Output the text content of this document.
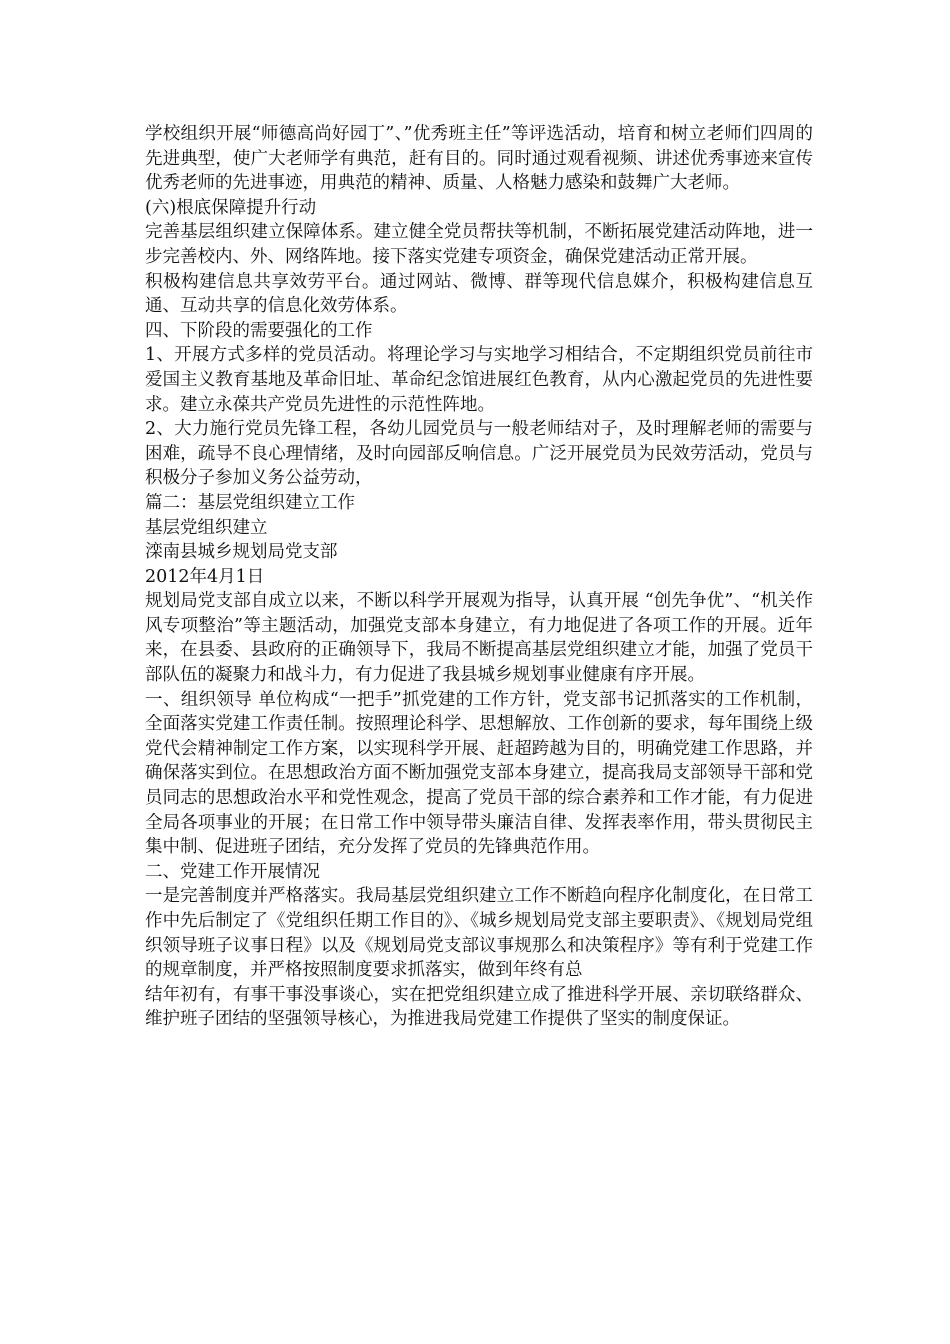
学校组织开展“师德高尚好园丁”、”优秀班主任”等评选活动，培育和树立老师们四周的先进典型，使广大老师学有典范，赶有目的。同时通过观看视频、讲述优秀事迹来宣传优秀老师的先进事迹，用典范的精神、质量、人格魅力感染和鼓舞广大老师。

(六)根底保障提升行动

完善基层组织建立保障体系。建立健全党员帮扶等机制，不断拓展党建活动阵地，进一步完善校内、外、网络阵地。接下落实党建专项资金，确保党建活动正常开展。

积极构建信息共享效劳平台。通过网站、微博、群等现代信息媒介，积极构建信息互通、互动共享的信息化效劳体系。

四、下阶段的需要强化的工作

1、开展方式多样的党员活动。将理论学习与实地学习相结合，不定期组织党员前往市爱国主义教育基地及革命旧址、革命纪念馆进展红色教育，从内心激起党员的先进性要求。建立永葆共产党员先进性的示范性阵地。

2、大力施行党员先锋工程，各幼儿园党员与一般老师结对子，及时理解老师的需要与困难，疏导不良心理情绪，及时向园部反响信息。广泛开展党员为民效劳活动，党员与积极分子参加义务公益劳动，

篇二：基层党组织建立工作

基层党组织建立

滦南县城乡规划局党支部

2012年4月1日

规划局党支部自成立以来，不断以科学开展观为指导，认真开展 “创先争优”、“机关作风专项整治”等主题活动，加强党支部本身建立，有力地促进了各项工作的开展。近年来，在县委、县政府的正确领导下，我局不断提高基层党组织建立才能，加强了党员干部队伍的凝聚力和战斗力，有力促进了我县城乡规划事业健康有序开展。

一、组织领导 单位构成“一把手”抓党建的工作方针，党支部书记抓落实的工作机制，全面落实党建工作责任制。按照理论科学、思想解放、工作创新的要求，每年围绕上级党代会精神制定工作方案，以实现科学开展、赶超跨越为目的，明确党建工作思路，并确保落实到位。在思想政治方面不断加强党支部本身建立，提高我局支部领导干部和党员同志的思想政治水平和党性观念，提高了党员干部的综合素养和工作才能，有力促进全局各项事业的开展；在日常工作中领导带头廉洁自律、发挥表率作用，带头贯彻民主集中制、促进班子团结，充分发挥了党员的先锋典范作用。

二、党建工作开展情况

一是完善制度并严格落实。我局基层党组织建立工作不断趋向程序化制度化，在日常工作中先后制定了《党组织任期工作目的》、《城乡规划局党支部主要职责》、《规划局党组织领导班子议事日程》以及《规划局党支部议事规那么和决策程序》等有利于党建工作的规章制度，并严格按照制度要求抓落实，做到年终有总

结年初有，有事干事没事谈心，实在把党组织建立成了推进科学开展、亲切联络群众、维护班子团结的坚强领导核心，为推进我局党建工作提供了坚实的制度保证。
